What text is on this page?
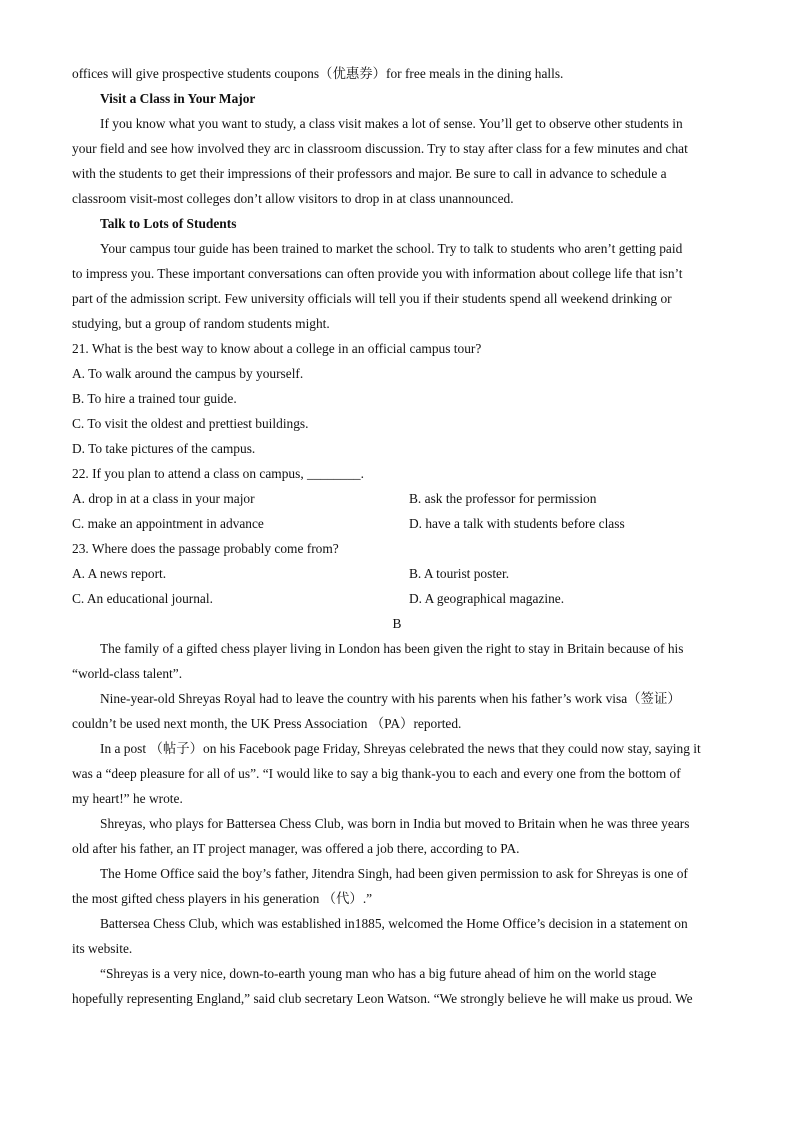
offices will give prospective students coupons（优惠券）for free meals in the dining halls.
Visit a Class in Your Major
If you know what you want to study, a class visit makes a lot of sense. You’ll get to observe other students in
your field and see how involved they arc in classroom discussion. Try to stay after class for a few minutes and chat
with the students to get their impressions of their professors and major. Be sure to call in advance to schedule a
classroom visit-most colleges don’t allow visitors to drop in at class unannounced.
Talk to Lots of Students
Your campus tour guide has been trained to market the school. Try to talk to students who aren’t getting paid
to impress you. These important conversations can often provide you with information about college life that isn’t
part of the admission script. Few university officials will tell you if their students spend all weekend drinking or
studying, but a group of random students might.
21. What is the best way to know about a college in an official campus tour?
A. To walk around the campus by yourself.
B. To hire a trained tour guide.
C. To visit the oldest and prettiest buildings.
D. To take pictures of the campus.
22. If you plan to attend a class on campus, ________.
A. drop in at a class in your major	B. ask the professor for permission
C. make an appointment in advance	D. have a talk with students before class
23. Where does the passage probably come from?
A. A news report.	B. A tourist poster.
C. An educational journal.	D. A geographical magazine.
B
The family of a gifted chess player living in London has been given the right to stay in Britain because of his
“world-class talent”.
Nine-year-old Shreyas Royal had to leave the country with his parents when his father’s work visa（签证）
couldn’t be used next month, the UK Press Association （PA）reported.
In a post （帖子）on his Facebook page Friday, Shreyas celebrated the news that they could now stay, saying it
was a “deep pleasure for all of us”. “I would like to say a big thank-you to each and every one from the bottom of
my heart!” he wrote.
Shreyas, who plays for Battersea Chess Club, was born in India but moved to Britain when he was three years
old after his father, an IT project manager, was offered a job there, according to PA.
The Home Office said the boy’s father, Jitendra Singh, had been given permission to ask for Shreyas is one of
the most gifted chess players in his generation （代）.”
Battersea Chess Club, which was established in1885, welcomed the Home Office’s decision in a statement on
its website.
“Shreyas is a very nice, down-to-earth young man who has a big future ahead of him on the world stage
hopefully representing England,” said club secretary Leon Watson. “We strongly believe he will make us proud. We
